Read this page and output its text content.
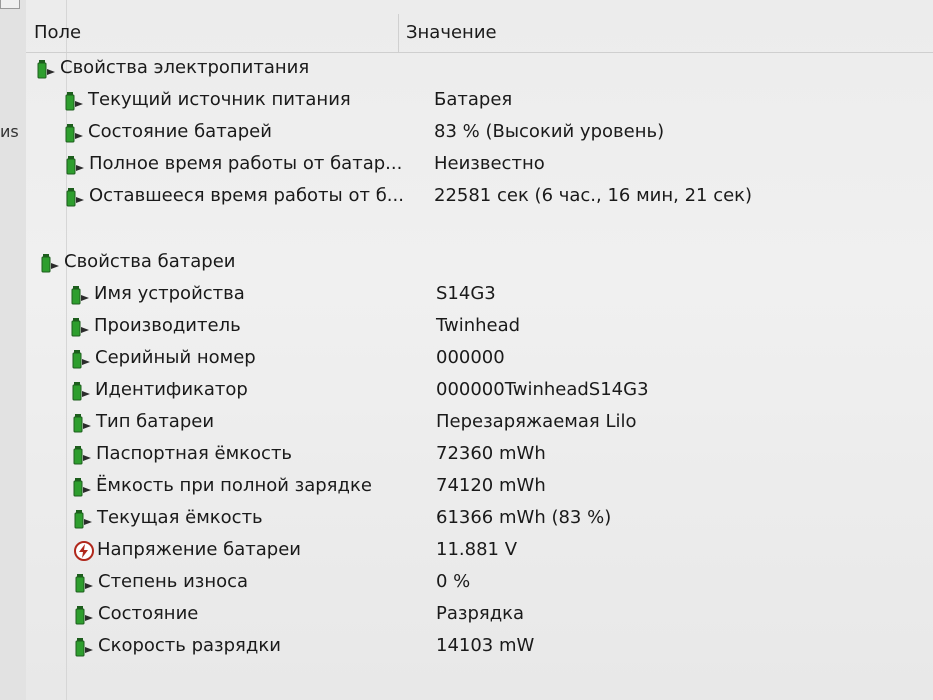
иѕ
Поле	Значение
Свойства электропитания
Текущий источник питания	Батарея
Состояние батарей	83 % (Высокий уровень)
Полное время работы от батар... Неизвестно
Оставшееся время работы от б... 22581 сек (6 час., 16 мин, 21 сек)
Свойства батареи
Имя устройства	S14G3
Производитель	Twinhead
Серийный номер	000000
Идентификатор	000000TwinheadS14G3
Тип батареи	Перезаряжаемая Lilo
Паспортная ёмкость	72360 mWh
Ёмкость при полной зарядке	74120 mWh
Текущая ёмкость	61366 mWh (83 %)
Напряжение батареи	11.881 V
Степень износа	0 %
Состояние	Разрядка
Скорость разрядки	14103 mW
